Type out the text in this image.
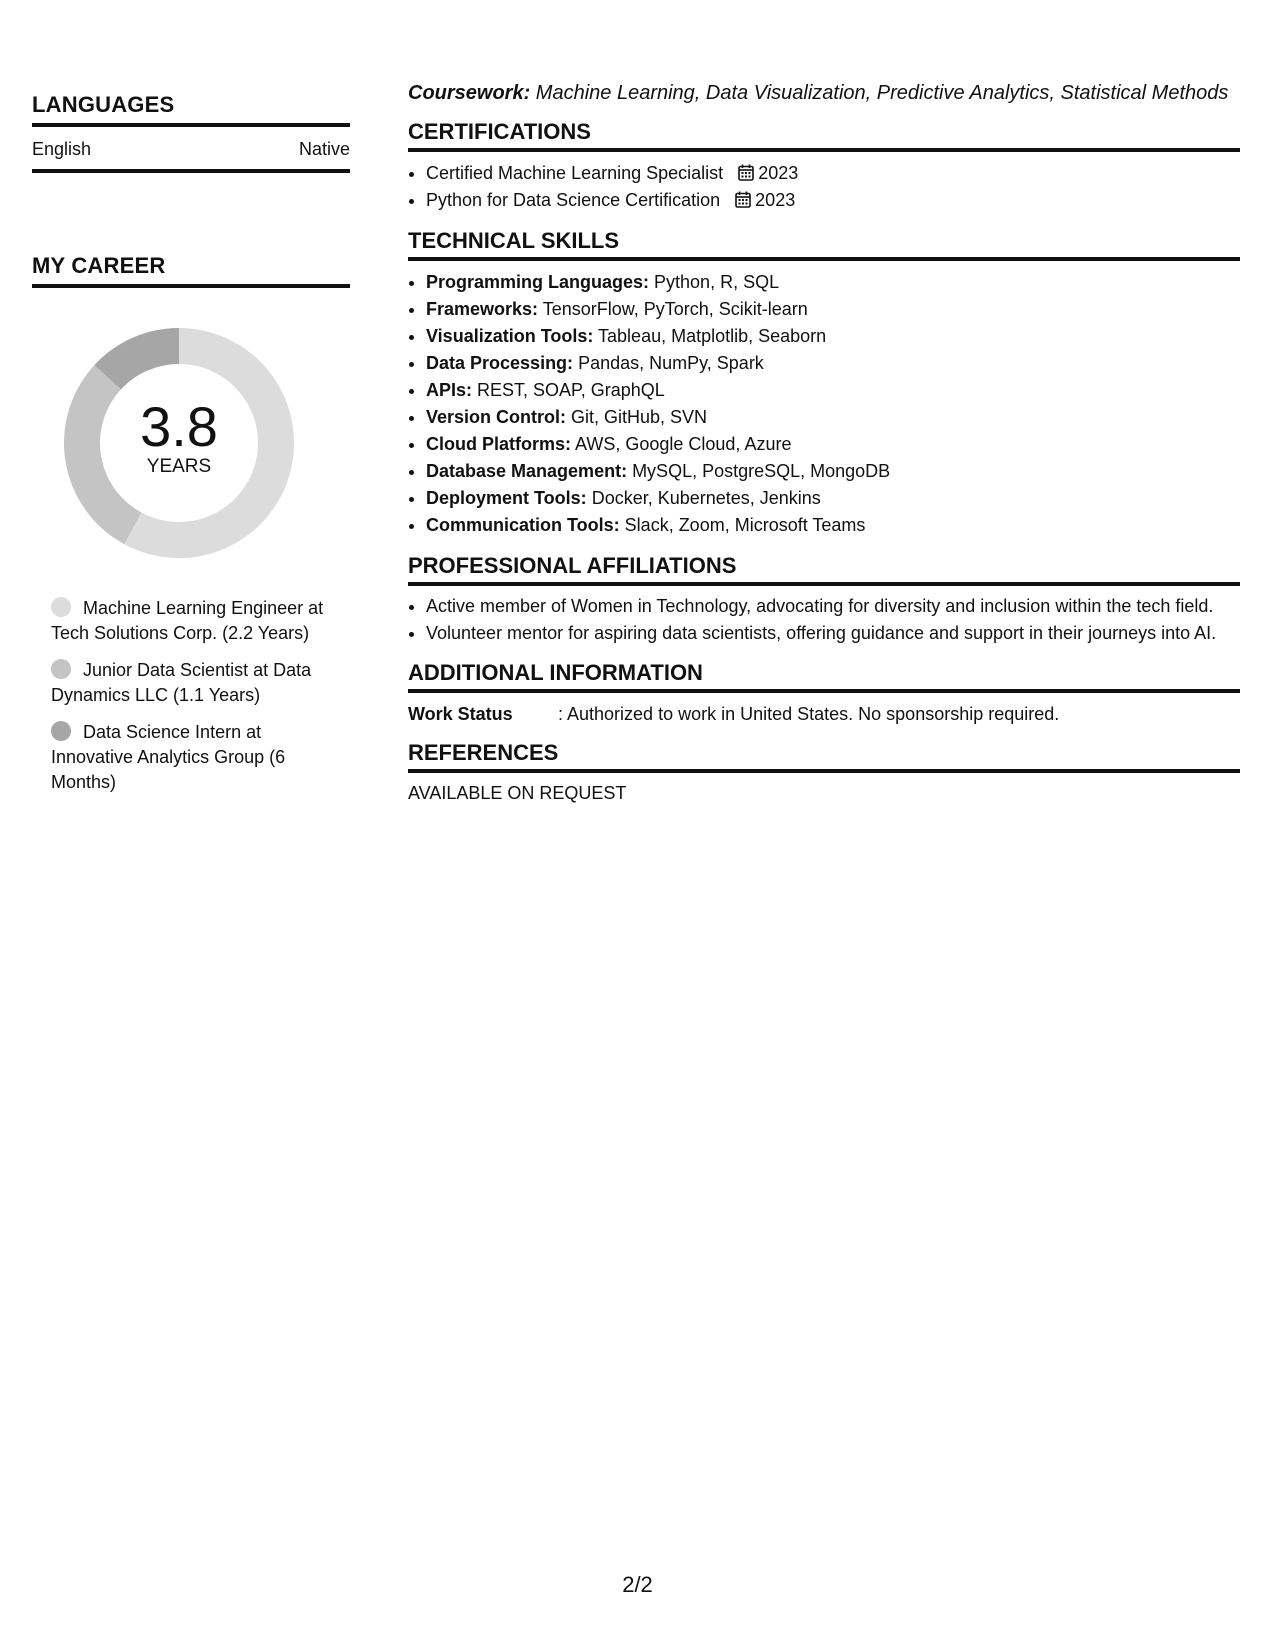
LANGUAGES
English	Native
MY CAREER
3.8
YEARS
Machine Learning Engineer at Tech Solutions Corp. (2.2 Years)
Junior Data Scientist at Data Dynamics LLC (1.1 Years)
Data Science Intern at Innovative Analytics Group (6 Months)

Coursework: Machine Learning, Data Visualization, Predictive Analytics, Statistical Methods

CERTIFICATIONS
• Certified Machine Learning Specialist 2023
• Python for Data Science Certification 2023
TECHNICAL SKILLS
• Programming Languages: Python, R, SQL
• Frameworks: TensorFlow, PyTorch, Scikit-learn
• Visualization Tools: Tableau, Matplotlib, Seaborn
• Data Processing: Pandas, NumPy, Spark
• APIs: REST, SOAP, GraphQL
• Version Control: Git, GitHub, SVN
• Cloud Platforms: AWS, Google Cloud, Azure
• Database Management: MySQL, PostgreSQL, MongoDB
• Deployment Tools: Docker, Kubernetes, Jenkins
• Communication Tools: Slack, Zoom, Microsoft Teams
PROFESSIONAL AFFILIATIONS
• Active member of Women in Technology, advocating for diversity and inclusion within the tech field.
• Volunteer mentor for aspiring data scientists, offering guidance and support in their journeys into AI.
ADDITIONAL INFORMATION
Work Status	: Authorized to work in United States. No sponsorship required.
REFERENCES

AVAILABLE ON REQUEST

2/2
